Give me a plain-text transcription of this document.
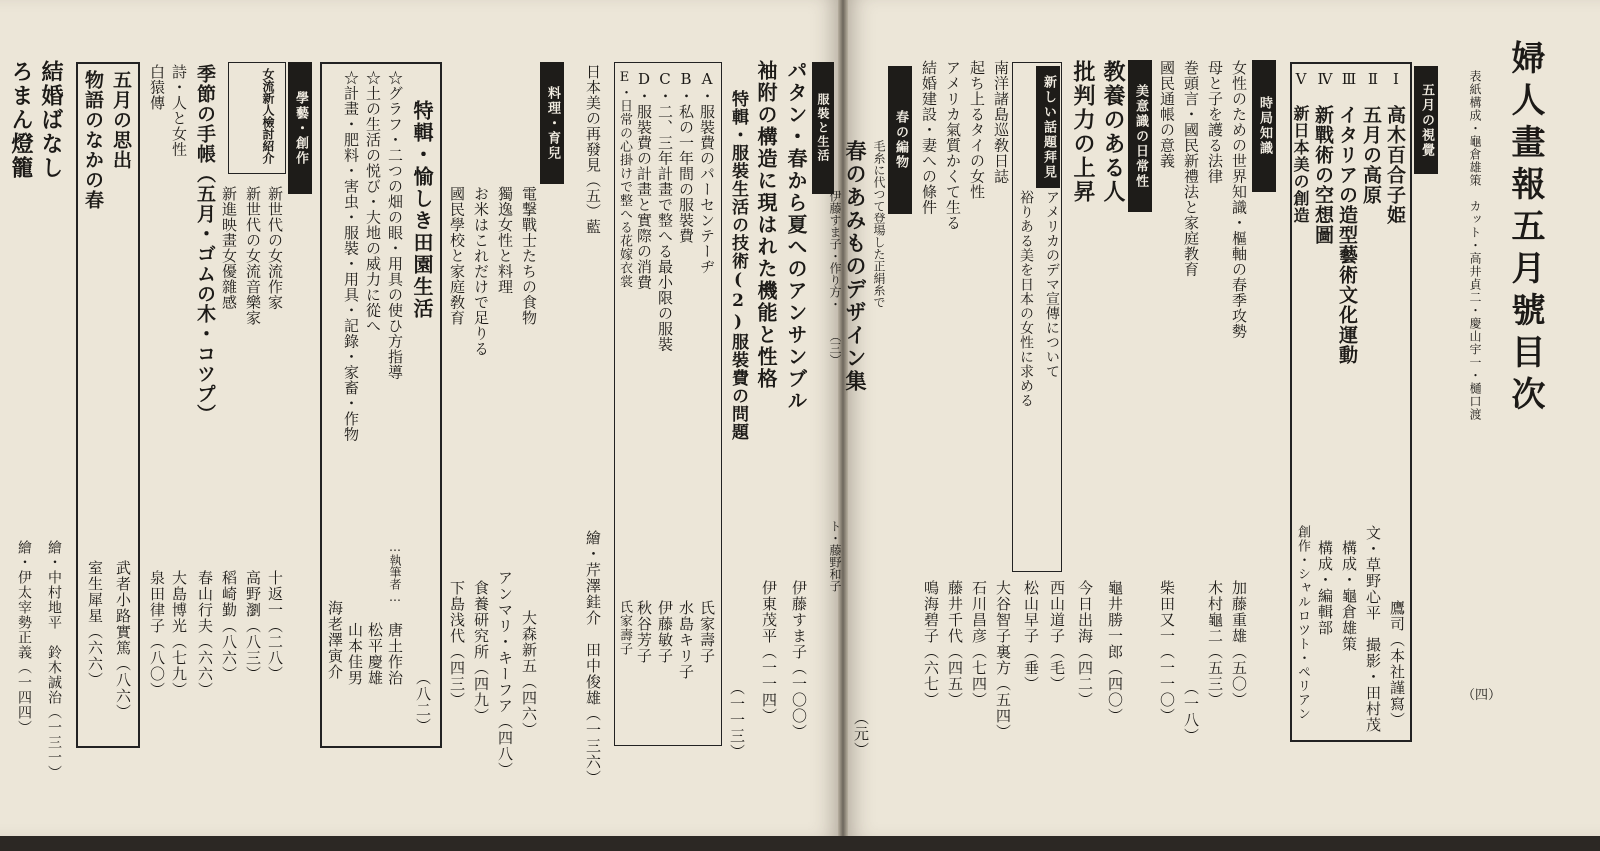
婦人畫報五月號目次
表紙構成・龜倉雄策　カット・高井貞二・慶山宇一・樋口渡
（四）
五月の視覺
Ⅰ
高木百合子姫
鷹司（本社謹寫）
Ⅱ
五月の高原
文・草野心平　撮影・田村茂
Ⅲ
イタリアの造型藝術文化運動
構成・龜倉雄策
Ⅳ
新戰術の空想圖
構成・編輯部
Ⅴ
新日本美の創造
創作・シャルロツト・ペリアン
時局知識
女性のための世界知識・樞軸の春季攻勢
加藤重雄（五〇）
母と子を護る法律
木村龜二（五三）
巻頭言・國民新禮法と家庭教育
（一八）
國民通帳の意義
柴田又一（一一〇）
美意識の日常性
教養のある人
龜井勝一郎（四〇）
批判力の上昇
今日出海（四二）
新しい話題拜見
アメリカのデマ宣傳について
西山道子（毛）
裕りある美を日本の女性に求める
松山早子（垂）
南洋諸島巡敎日誌
大谷智子裏方（五四）
起ち上るタイの女性
石川昌彦（七四）
アメリカ氣質かくて生る
藤井千代（四五）
結婚建設・妻への條件
鳴海碧子（六七）
春の編物
毛糸に代つて登場した正絹糸で
春のあみものデザイン集
（元）
服裝と生活
伊藤すま子・作り方・
（三）
ト・藤野和子
パタン・春から夏へのアンサンブル
伊藤すま子（一〇〇）
袖附の構造に現はれた機能と性格
伊東茂平（一一四）
特輯・服裝生活の技術(2)服裝費の問題
（一一三）
A・服裝費のパーセンテーヂ
氏家壽子
B・私の一年間の服裝費
水島キリ子
C・二、三年計畫で整へる最小限の服裝
伊藤敏子
D・服裝費の計畫と實際の消費
秋谷芳子
E・日常の心掛けで整へる花嫁衣裳
氏家壽子
料理・育兒 日本美の再發見（五）藍
繪・芹澤銈介　田中俊雄（一三六）
電撃戰士たちの食物
大森新五（四六）
獨逸女性と料理
アンマリ・キーフア（四八）
お米はこれだけで足りる
食養研究所（四九）
國民學校と家庭敎育
下島浅代（四三）
特輯・愉しき田園生活
（八二）
☆グラフ・二つの畑の眼・用具の使ひ方指導
☆土の生活の悦び・大地の威力に從へ
☆計畫・肥料・害虫・服裝・用具・記錄・家畜・作物
…執筆者…
唐土作治
松平慶雄
山本佳男
海老澤寅介
學藝・創作
女流新人檢討紹介
新世代の女流作家
十返一（二八）
新世代の女流音樂家
高野瀏（八三）
新進映畫女優雜感
稻崎勤（八六）
季節の手帳（五月・ゴムの木・コツプ）
春山行夫（六六）
詩・人と女性
大島博光（七九）
白猿傳
泉田律子（八〇）
五月の思出
武者小路實篤（八六）
物語のなかの春
室生犀星（六六）
結婚ばなし
繪・中村地平　鈴木誠治（一三一）
ろまん燈籠
繪・伊太宰勢正義（一四四）
